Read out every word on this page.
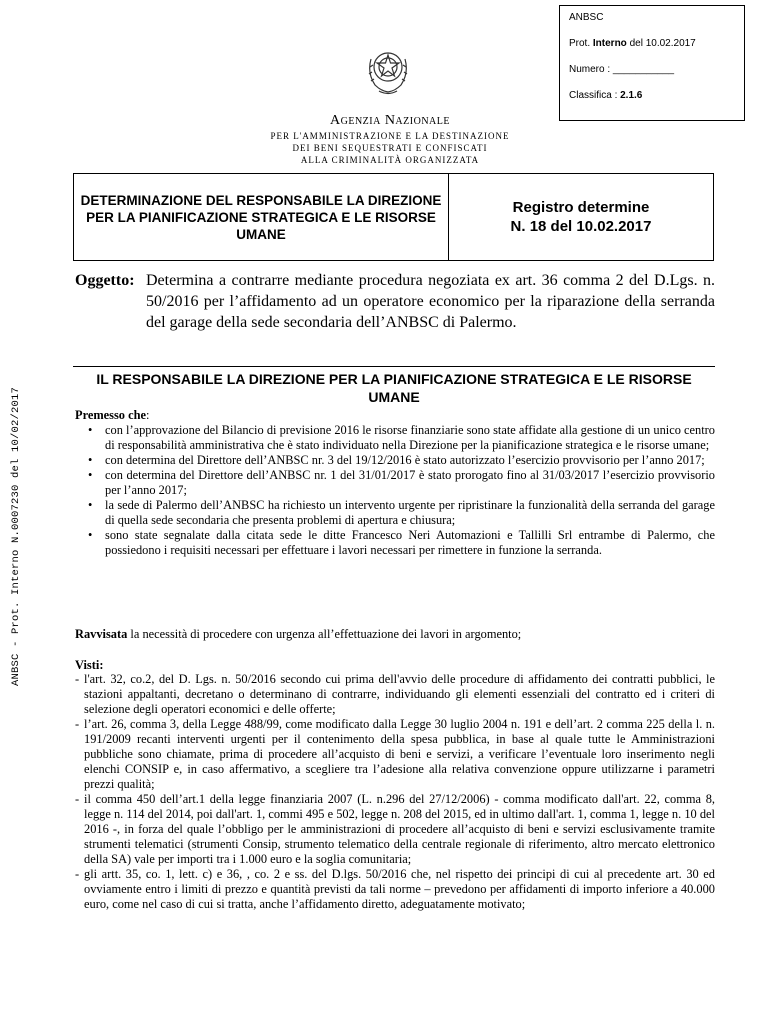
ANBSC
Prot. Interno del 10.02.2017
Numero : ___________
Classifica : 2.1.6
Agenzia Nazionale
PER L'AMMINISTRAZIONE E LA DESTINAZIONE
DEI BENI SEQUESTRATI E CONFISCATI
ALLA CRIMINALITÀ ORGANIZZATA
ANBSC - Prot. Interno N.0007230 del 10/02/2017
DETERMINAZIONE DEL RESPONSABILE LA DIREZIONE PER LA PIANIFICAZIONE STRATEGICA E LE RISORSE UMANE
Registro determine
N. 18 del 10.02.2017
Oggetto: Determina a contrarre mediante procedura negoziata ex art. 36 comma 2 del D.Lgs. n. 50/2016 per l’affidamento ad un operatore economico per la riparazione della serranda del garage della sede secondaria dell’ANBSC di Palermo.
IL RESPONSABILE LA DIREZIONE PER LA PIANIFICAZIONE STRATEGICA E LE RISORSE UMANE
Premesso che:
• con l’approvazione del Bilancio di previsione 2016 le risorse finanziarie sono state affidate alla gestione di un unico centro di responsabilità amministrativa che è stato individuato nella Direzione per la pianificazione strategica e le risorse umane;
• con determina del Direttore dell’ANBSC nr. 3 del 19/12/2016 è stato autorizzato l’esercizio provvisorio per l’anno 2017;
• con determina del Direttore dell’ANBSC nr. 1 del 31/01/2017 è stato prorogato fino al 31/03/2017 l’esercizio provvisorio per l’anno 2017;
• la sede di Palermo dell’ANBSC ha richiesto un intervento urgente per ripristinare la funzionalità della serranda del garage di quella sede secondaria che presenta problemi di apertura e chiusura;
• sono state segnalate dalla citata sede le ditte Francesco Neri Automazioni e Tallilli Srl entrambe di Palermo, che possiedono i requisiti necessari per effettuare i lavori necessari per rimettere in funzione la serranda.
Ravvisata la necessità di procedere con urgenza all’effettuazione dei lavori in argomento;
Visti:
- l'art. 32, co.2, del D. Lgs. n. 50/2016 secondo cui prima dell'avvio delle procedure di affidamento dei contratti pubblici, le stazioni appaltanti, decretano o determinano di contrarre, individuando gli elementi essenziali del contratto ed i criteri di selezione degli operatori economici e delle offerte;
- l’art. 26, comma 3, della Legge 488/99, come modificato dalla Legge 30 luglio 2004 n. 191 e dell’art. 2 comma 225 della l. n. 191/2009 recanti interventi urgenti per il contenimento della spesa pubblica, in base al quale tutte le Amministrazioni pubbliche sono chiamate, prima di procedere all’acquisto di beni e servizi, a verificare l’eventuale loro inserimento negli elenchi CONSIP e, in caso affermativo, a scegliere tra l’adesione alla relativa convenzione oppure utilizzarne i parametri prezzi qualità;
- il comma 450 dell’art.1 della legge finanziaria 2007 (L. n.296 del 27/12/2006) - comma modificato dall'art. 22, comma 8, legge n. 114 del 2014, poi dall'art. 1, commi 495 e 502, legge n. 208 del 2015, ed in ultimo dall'art. 1, comma 1, legge n. 10 del 2016 -, in forza del quale l’obbligo per le amministrazioni di procedere all’acquisto di beni e servizi esclusivamente tramite strumenti telematici (strumenti Consip, strumento telematico della centrale regionale di riferimento, altro mercato elettronico della SA) vale per importi tra i 1.000 euro e la soglia comunitaria;
- gli artt. 35, co. 1, lett. c) e 36, , co. 2 e ss. del D.lgs. 50/2016 che, nel rispetto dei principi di cui al precedente art. 30 ed ovviamente entro i limiti di prezzo e quantità previsti da tali norme – prevedono per affidamenti di importo inferiore a 40.000 euro, come nel caso di cui si tratta, anche l’affidamento diretto, adeguatamente motivato;
